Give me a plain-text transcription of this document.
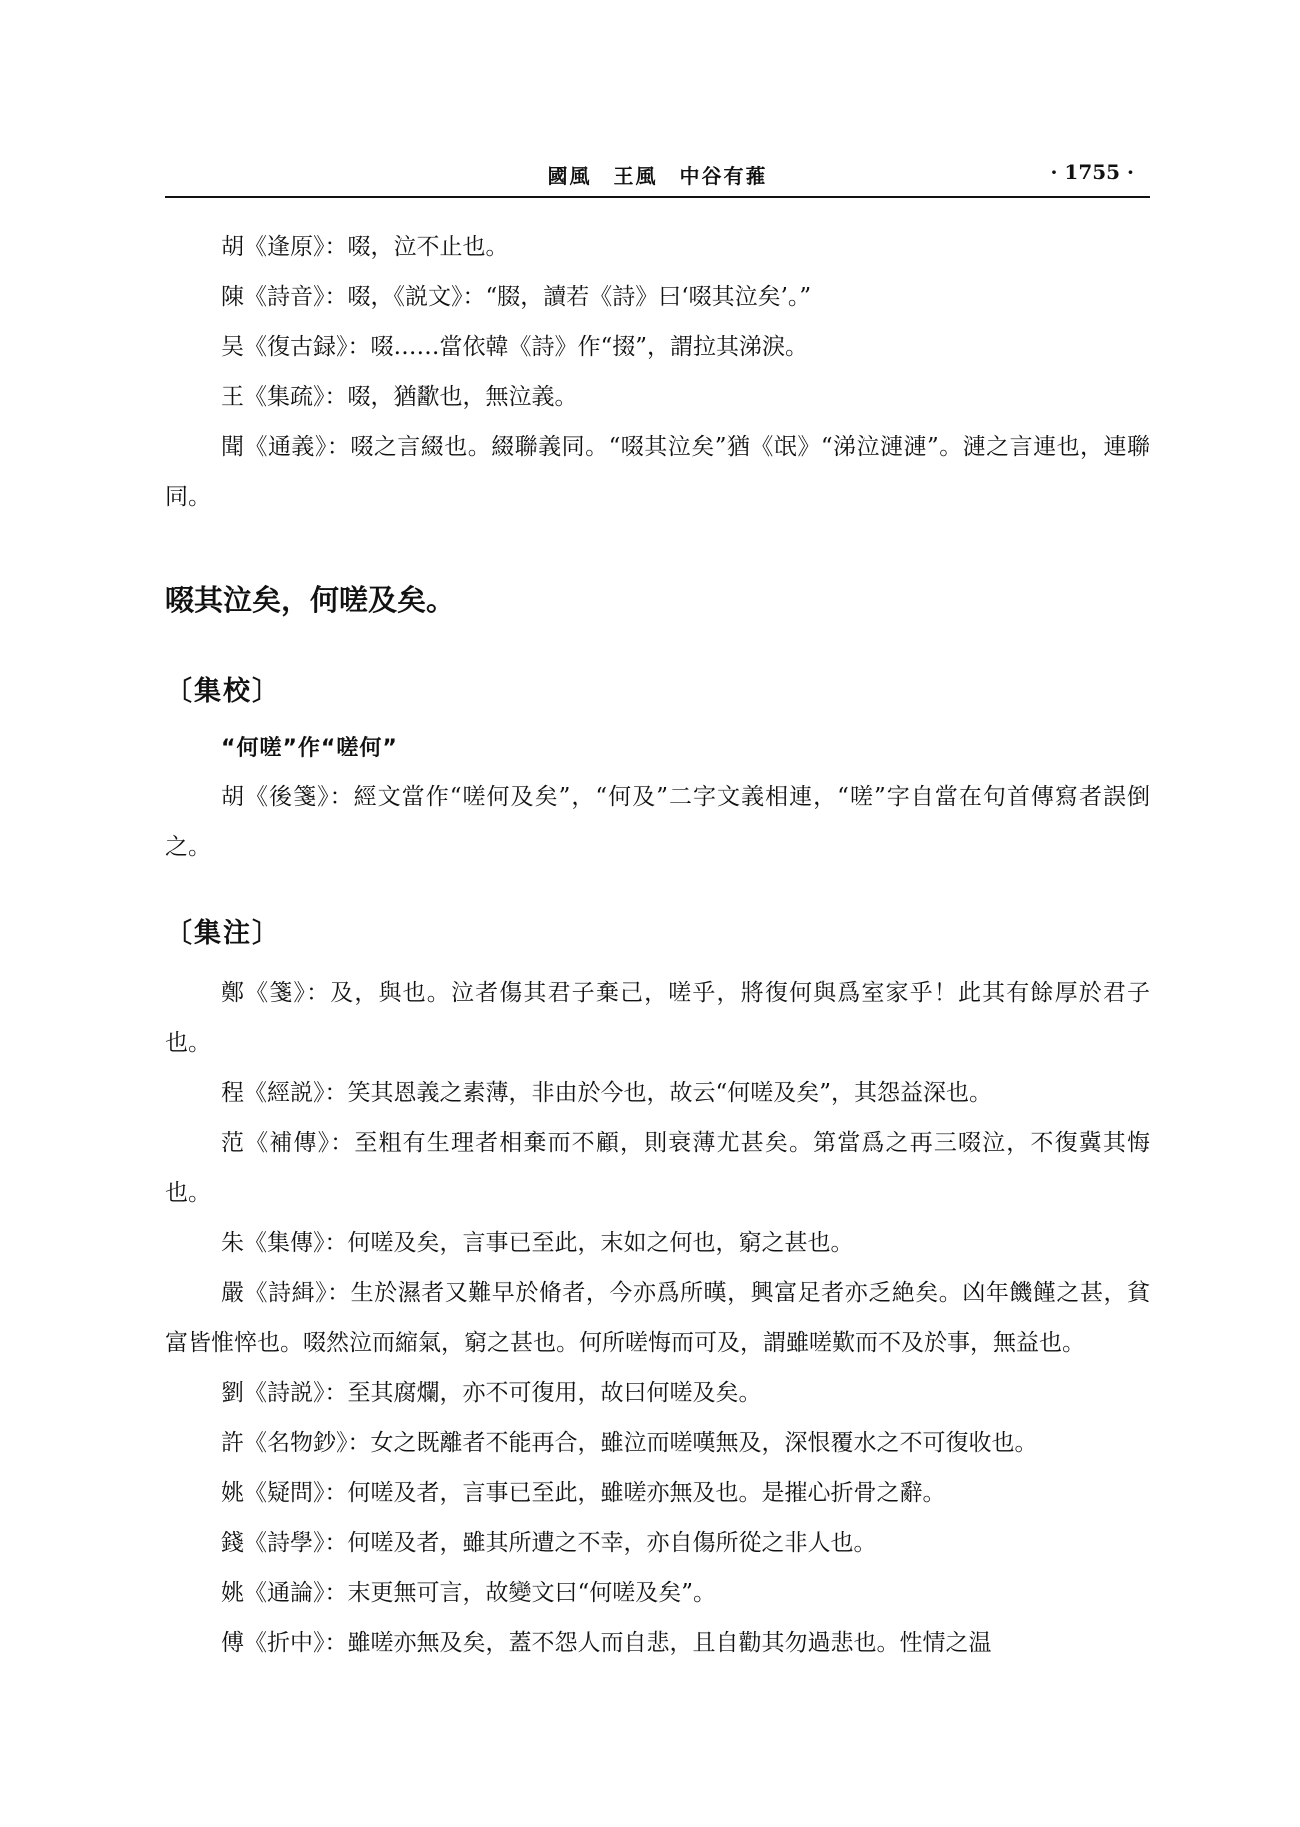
國風　王風　中谷有蓷	· 1755 ·

胡《逢原》：啜，泣不止也。

陳《詩音》：啜，《説文》：“腏，讀若《詩》曰‘啜其泣矣’。”

吴《復古録》：啜……當依韓《詩》作“掇”，謂拉其涕淚。

王《集疏》：啜，猶歠也，無泣義。

聞《通義》：啜之言綴也。綴聯義同。“啜其泣矣”猶《氓》“涕泣漣漣”。漣之言連也，連聯同。

啜其泣矣，何嗟及矣。
〔集校〕

“何嗟”作“嗟何”

胡《後箋》：經文當作“嗟何及矣”，“何及”二字文義相連，“嗟”字自當在句首傳寫者誤倒之。

〔集注〕

鄭《箋》：及，與也。泣者傷其君子棄己，嗟乎，將復何與爲室家乎！此其有餘厚於君子也。

程《經説》：笑其恩義之素薄，非由於今也，故云“何嗟及矣”，其怨益深也。

范《補傳》：至粗有生理者相棄而不顧，則衰薄尤甚矣。第當爲之再三啜泣，不復冀其悔也。

朱《集傳》：何嗟及矣，言事已至此，末如之何也，窮之甚也。

嚴《詩緝》：生於濕者又難早於脩者，今亦爲所暵，興富足者亦乏絶矣。凶年饑饉之甚，貧富皆惟悴也。啜然泣而縮氣，窮之甚也。何所嗟悔而可及，謂雖嗟歎而不及於事，無益也。

劉《詩説》：至其腐爛，亦不可復用，故曰何嗟及矣。

許《名物鈔》：女之既離者不能再合，雖泣而嗟嘆無及，深恨覆水之不可復收也。

姚《疑問》：何嗟及者，言事已至此，雖嗟亦無及也。是摧心折骨之辭。

錢《詩學》：何嗟及者，雖其所遭之不幸，亦自傷所從之非人也。

姚《通論》：末更無可言，故變文曰“何嗟及矣”。

傅《折中》：雖嗟亦無及矣，蓋不怨人而自悲，且自勸其勿過悲也。性情之温
